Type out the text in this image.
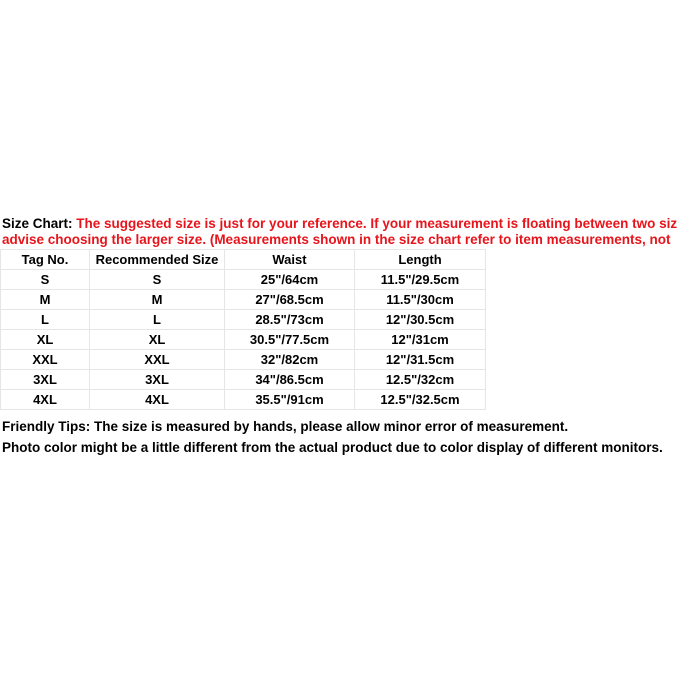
Size Chart: The suggested size is just for your reference. If your measurement is floating between two siz
advise choosing the larger size. (Measurements shown in the size chart refer to item measurements, not
Tag No.	Recommended Size	Waist	Length
S	S	25"/64cm	11.5"/29.5cm
M	M	27"/68.5cm	11.5"/30cm
L	L	28.5"/73cm	12"/30.5cm
XL	XL	30.5"/77.5cm	12"/31cm
XXL	XXL	32"/82cm	12"/31.5cm
3XL	3XL	34"/86.5cm	12.5"/32cm
4XL	4XL	35.5"/91cm	12.5"/32.5cm
Friendly Tips: The size is measured by hands, please allow minor error of measurement.
Photo color might be a little different from the actual product due to color display of different monitors.
